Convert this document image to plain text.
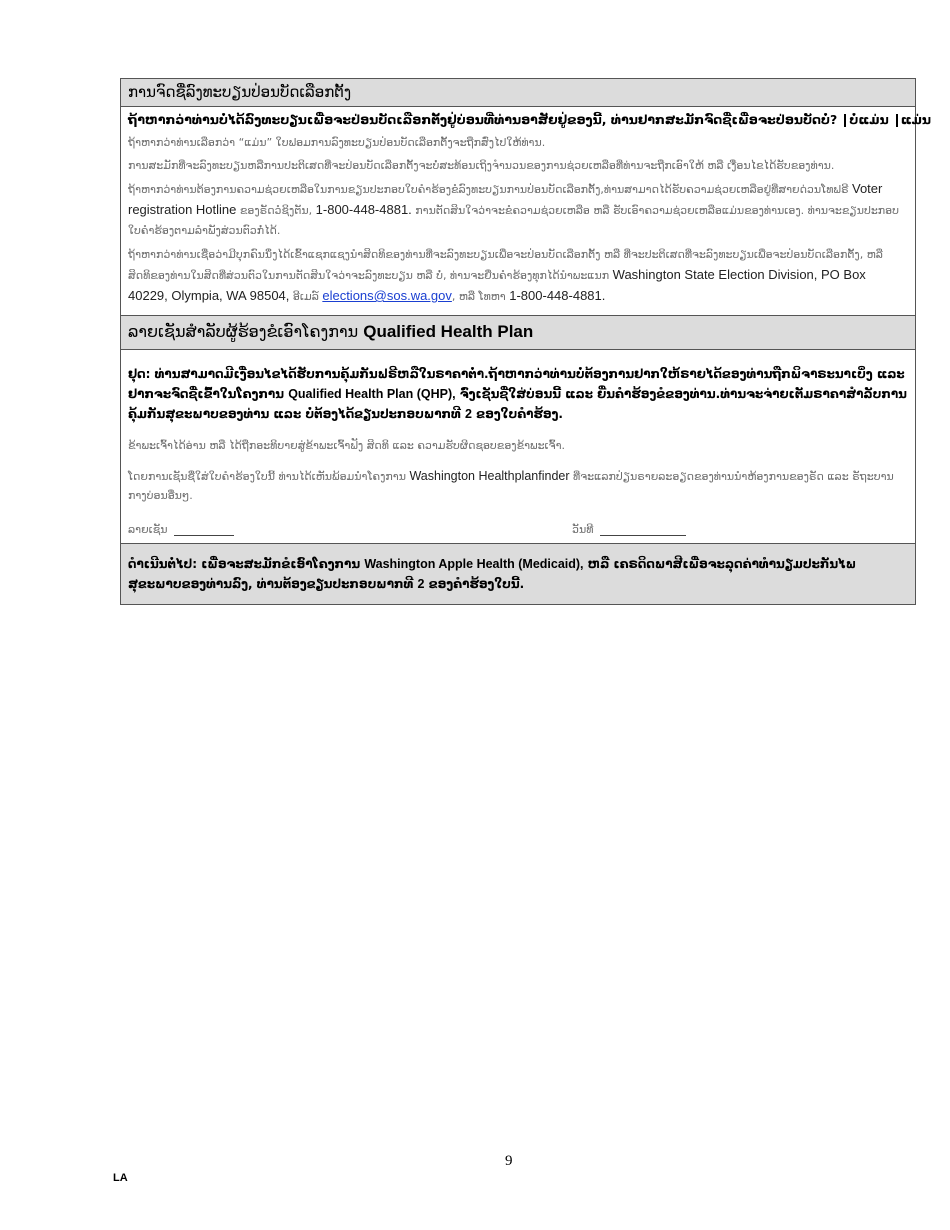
ການຈົດຊື່ລົງທະບຽນປ່ອນບັດເລືອກຕັ້ງ
ຖ້າຫາກວ່າທ່ານບໍ່ໄດ້ລົງທະບຽນເພື່ອຈະປ່ອນບັດເລືອກຕັ້ງຢູ່ບ່ອນທີ່ທ່ານອາສັຍຢູ່ຂອງນີ້, ທ່ານຢາກສະມັກຈົດຊື່ເພື່ອຈະປ່ອນບັດບໍ່? ບໍ່ແມ່ນ ແມ່ນ

ຖ້າຫາກວ່າທ່ານເລືອກວ່າ “ແມ່ນ” ໃບຟອມການລົງທະບຽນປ່ອນບັດເລືອກຕັ້ງຈະຖືກສົ່ງໄປໃຫ້ທ່ານ.

ການສະມັກທີ່ຈະລົງທະບຽນຫລືການປະຕິເສດທີ່ຈະປ່ອນບັດເລືອກຕັ້ງຈະບໍ່ສະທ້ອນເຖິງຈໍານວນຂອງການຊ່ວຍເຫລືອທີ່ທ່ານຈະຖືກເອົາໃຫ້ ຫລື ເງື່ອນໄຂໄດ້ຮັບຂອງທ່ານ.

ຖ້າຫາກວ່າທ່ານຕ້ອງການຄວາມຊ່ວຍເຫລືອໃນການຂຽນປະກອບໃບຄໍາຮ້ອງຂໍລົງທະບຽນການປ່ອນບັດເລືອກຕັ້ງ,ທ່ານສາມາດໄດ້ຮັບຄວາມຊ່ວຍເຫລືອຢູ່ທີ່ສາຍດ່ວນໂທຟຣີ Voter registration Hotline ຂອງຣັດວໍຊິງຕັນ, 1-800-448-4881. ການຕັດສິນໃຈວ່າຈະຂໍຄວາມຊ່ວຍເຫລືອ ຫລື ຮັບເອົາຄວາມຊ່ວຍເຫລືອແມ່ນຂອງທ່ານເອງ. ທ່ານຈະຂຽນປະກອບໃບຄໍາຮ້ອງຕາມລໍາພັງສ່ວນຕົວກໍ່ໄດ້.

ຖ້າຫາກວ່າທ່ານເຊື່ອວ່າມີບຸກຄົນນຶ່ງໄດ້ເຂົ້າແຊກແຊງນໍາສິດທິຂອງທ່ານທີ່ຈະລົງທະບຽນເພື່ອຈະປ່ອນບັດເລືອກຕັ້ງ ຫລື ທີ່ຈະປະຕິເສດທີ່ຈະລົງທະບຽນເພື່ອຈະປ່ອນບັດເລືອກຕັ້ງ, ຫລື ສິດທິຂອງທ່ານໃນສິດທີ່ສ່ວນຕົວໃນການຕັດສິນໃຈວ່າຈະລົງທະບຽນ ຫລື ບໍ່, ທ່ານຈະຍື່ນຄໍາຮ້ອງທຸກໄດ້ນໍາພະແນກ Washington State Election Division, PO Box 40229, Olympia, WA 98504, ອີເມລ໌ elections@sos.wa.gov, ຫລື ໂທຫາ 1-800-448-4881.

ລາຍເຊັນສໍາລັບຜູ້ຮ້ອງຂໍເອົາໂຄງການ Qualified Health Plan

ຢຸດ: ທ່ານສາມາດມີເງື່ອນໄຂໄດ້ຮັບການຄຸ້ມກັນຟຣີຫລືໃນຣາຄາຕໍ່າ.ຖ້າຫາກວ່າທ່ານບໍ່ຕ້ອງການຢາກໃຫ້ຣາຍໄດ້ຂອງທ່ານຖືກພິຈາຣະນາເບິ່ງ ແລະ ຢາກຈະຈົດຊື່ເຂົ້າໃນໂຄງການ Qualified Health Plan (QHP), ຈົ່ງເຊັນຊື່ໃສ່ບ່ອນນີ້ ແລະ ຍື່ນຄໍາຮ້ອງຂໍຂອງທ່ານ.ທ່ານຈະຈ່າຍເຕັມຣາຄາສໍາລັບການຄຸ້ມກັນສຸຂະພາບຂອງທ່ານ ແລະ ບໍ່ຕ້ອງໄດ້ຂຽນປະກອບພາກທີ 2 ຂອງໃບຄໍາຮ້ອງ.

ຂ້າພະເຈົ້າໄດ້ອ່ານ ຫລື ໄດ້ຖືກອະທິບາຍສູ່ຂ້າພະເຈົ້າຟັງ ສິດທິ ແລະ ຄວາມຮັບຜິດຊອບຂອງຂ້າພະເຈົ້າ.

ໂດຍການເຊັນຊື່ໃສ່ໃບຄໍາຮ້ອງໃບນີ້ ທ່ານໄດ້ເຫັນພ້ອມນໍາໂຄງການ Washington Healthplanfinder ທີ່ຈະແລກປ່ຽນຣາຍລະອຽດຂອງທ່ານນໍາຫ້ອງການຂອງຣັດ ແລະ ຣັຖະບານກາງບ່ອນອື່ນໆ.

ລາຍເຊັນ	ວັນທີ
ດໍາເນີນຕໍ່ໄປ: ເພື່ອຈະສະມັກຂໍເອົາໂຄງການ Washington Apple Health (Medicaid), ຫລື ເຄຣດິດພາສີເພື່ອຈະລຸດຄ່າທໍານຽມປະກັນໄພສຸຂະພາບຂອງທ່ານລົງ, ທ່ານຕ້ອງຂຽນປະກອບພາກທີ 2 ຂອງຄໍາຮ້ອງໃບນີ້.
9
LA
